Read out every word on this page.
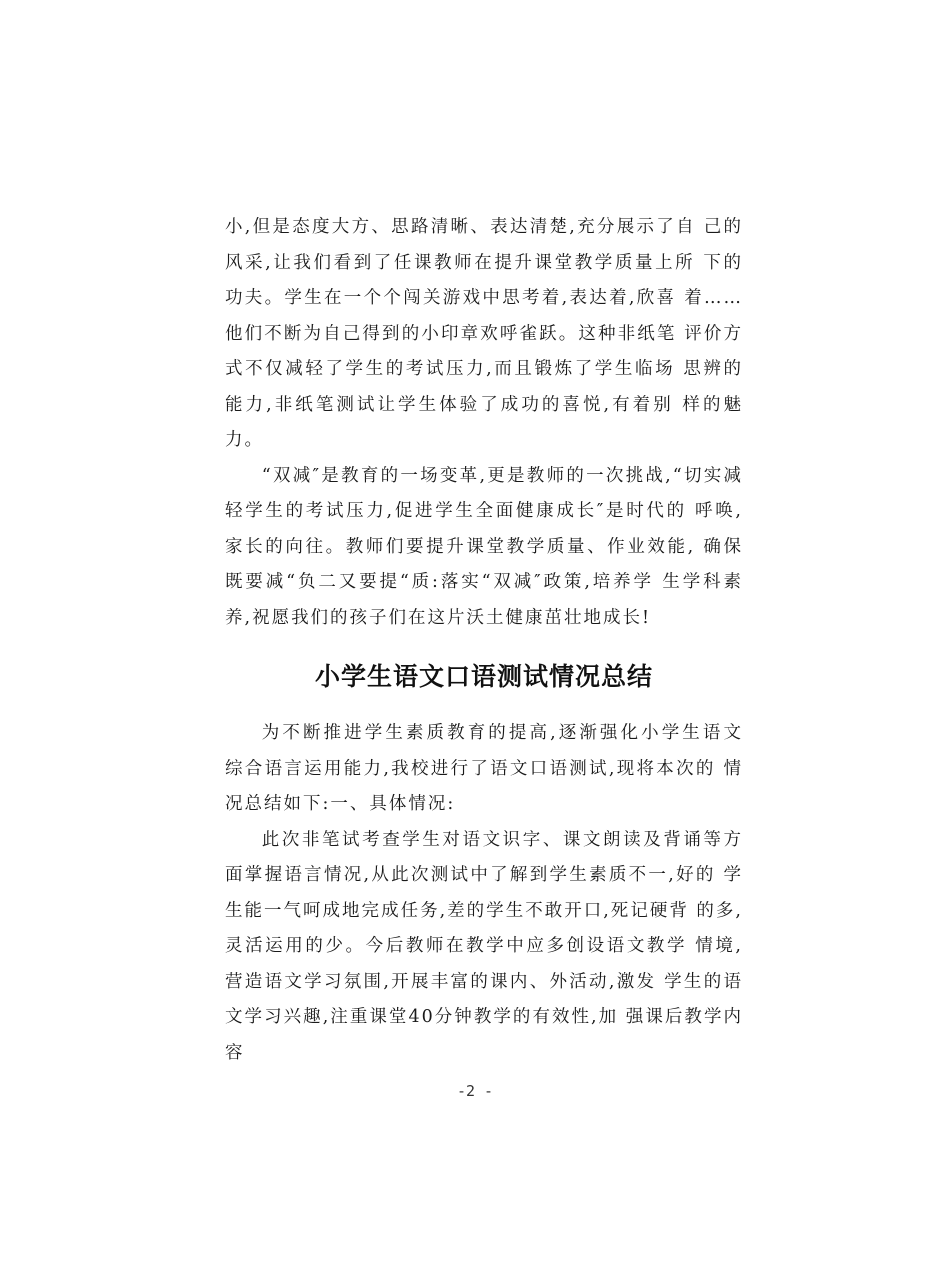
小,但是态度大方、思路清晰、表达清楚,充分展示了自 己的风采,让我们看到了任课教师在提升课堂教学质量上所 下的功夫。学生在一个个闯关游戏中思考着,表达着,欣喜 着……他们不断为自己得到的小印章欢呼雀跃。这种非纸笔 评价方式不仅减轻了学生的考试压力,而且锻炼了学生临场 思辨的能力,非纸笔测试让学生体验了成功的喜悦,有着别 样的魅力。

“双减″是教育的一场变革,更是教师的一次挑战,“切实减轻学生的考试压力,促进学生全面健康成长″是时代的 呼唤,家长的向往。教师们要提升课堂教学质量、作业效能, 确保既要减“负二又要提“质:落实“双减″政策,培养学 生学科素养,祝愿我们的孩子们在这片沃土健康茁壮地成长!

小学生语文口语测试情况总结

为不断推进学生素质教育的提高,逐渐强化小学生语文 综合语言运用能力,我校进行了语文口语测试,现将本次的 情况总结如下:一、具体情况:

此次非笔试考查学生对语文识字、课文朗读及背诵等方面掌握语言情况,从此次测试中了解到学生素质不一,好的 学生能一气呵成地完成任务,差的学生不敢开口,死记硬背 的多,灵活运用的少。今后教师在教学中应多创设语文教学 情境,营造语文学习氛围,开展丰富的课内、外活动,激发 学生的语文学习兴趣,注重课堂40分钟教学的有效性,加 强课后教学内容

-2 -
